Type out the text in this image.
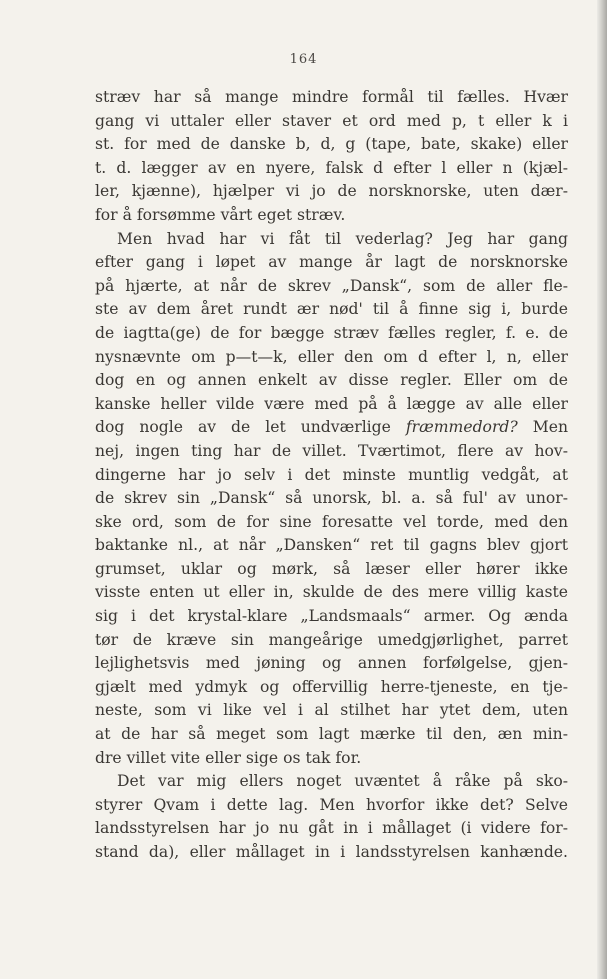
164
stræv har så mange mindre formål til fælles. Hvær
gang vi uttaler eller staver et ord med p, t eller k i
st. for med de danske b, d, g (tape, bate, skake) eller
t. d. lægger av en nyere, falsk d efter l eller n (kjæl-
ler, kjænne), hjælper vi jo de norsknorske, uten dær-
for å forsømme vårt eget stræv.
Men hvad har vi fåt til vederlag? Jeg har gang
efter gang i løpet av mange år lagt de norsknorske
på hjærte, at når de skrev „Dansk“, som de aller fle-
ste av dem året rundt ær nød' til å finne sig i, burde
de iagtta(ge) de for bægge stræv fælles regler, f. e. de
nysnævnte om p—t—k, eller den om d efter l, n, eller
dog en og annen enkelt av disse regler. Eller om de
kanske heller vilde være med på å lægge av alle eller
dog nogle av de let undværlige fræmmedord? Men
nej, ingen ting har de villet. Tværtimot, flere av hov-
dingerne har jo selv i det minste muntlig vedgåt, at
de skrev sin „Dansk“ så unorsk, bl. a. så ful' av unor-
ske ord, som de for sine foresatte vel torde, med den
baktanke nl., at når „Dansken“ ret til gagns blev gjort
grumset, uklar og mørk, så læser eller hører ikke
visste enten ut eller in, skulde de des mere villig kaste
sig i det krystal-klare „Landsmaals“ armer. Og ænda
tør de kræve sin mangeårige umedgjørlighet, parret
lejlighetsvis med jøning og annen forfølgelse, gjen-
gjælt med ydmyk og offervillig herre-tjeneste, en tje-
neste, som vi like vel i al stilhet har ytet dem, uten
at de har så meget som lagt mærke til den, æn min-
dre villet vite eller sige os tak for.
Det var mig ellers noget uvæntet å råke på sko-
styrer Qvam i dette lag. Men hvorfor ikke det? Selve
landsstyrelsen har jo nu gåt in i mållaget (i videre for-
stand da), eller mållaget in i landsstyrelsen kanhænde.
